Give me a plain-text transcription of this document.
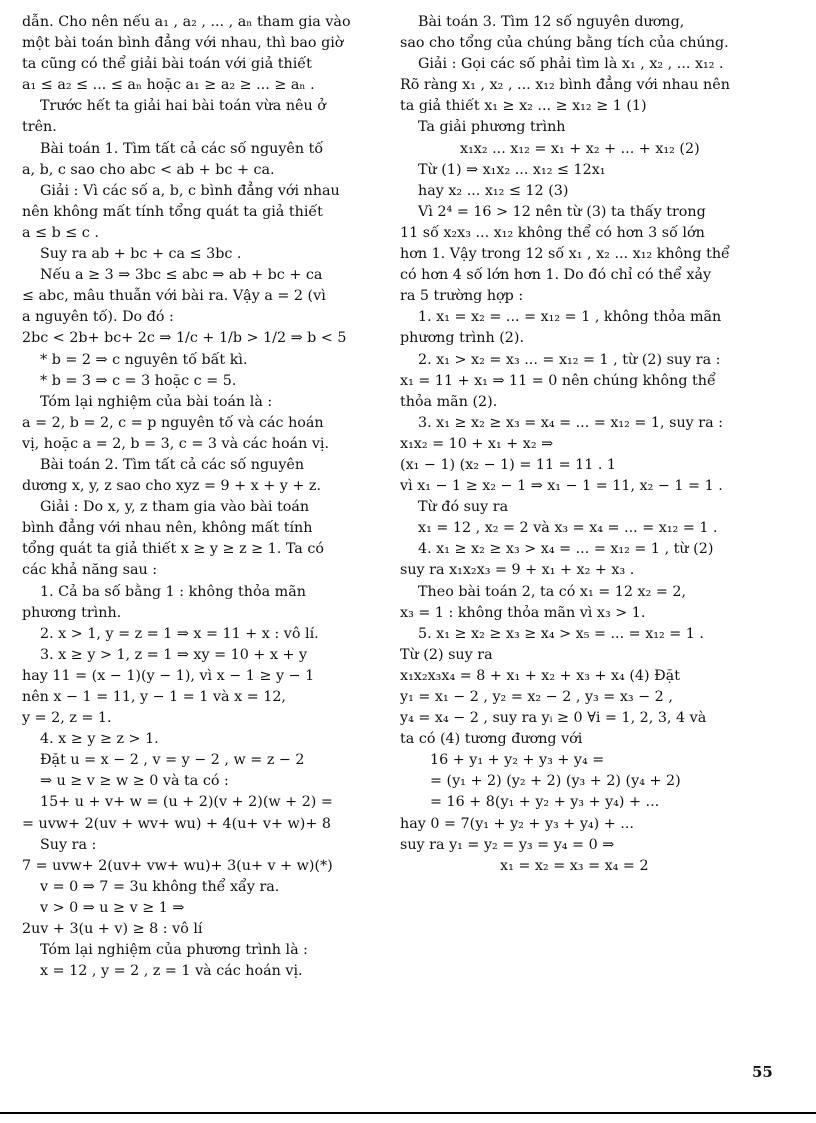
dẫn. Cho nên nếu a₁ , a₂ , ... , aₙ tham gia vào
một bài toán bình đẳng với nhau, thì bao giờ
ta cũng có thể giải bài toán với giả thiết
a₁ ≤ a₂ ≤ ... ≤ aₙ hoặc a₁ ≥ a₂ ≥ ... ≥ aₙ .
Trước hết ta giải hai bài toán vừa nêu ở
trên.
Bài toán 1. Tìm tất cả các số nguyên tố
a, b, c sao cho abc < ab + bc + ca.
Giải : Vì các số a, b, c bình đẳng với nhau
nên không mất tính tổng quát ta giả thiết
a ≤ b ≤ c .
Suy ra ab + bc + ca ≤ 3bc .
Nếu a ≥ 3 ⇒ 3bc ≤ abc ⇒ ab + bc + ca
≤ abc, mâu thuẫn với bài ra. Vậy a = 2 (vì
a nguyên tố). Do đó :
2bc < 2b+ bc+ 2c ⇒ 1/c + 1/b > 1/2 ⇒ b < 5
* b = 2 ⇒ c nguyên tố bất kì.
* b = 3 ⇒ c = 3 hoặc c = 5.
Tóm lại nghiệm của bài toán là :
a = 2, b = 2, c = p nguyên tố và các hoán
vị, hoặc a = 2, b = 3, c = 3 và các hoán vị.
Bài toán 2. Tìm tất cả các số nguyên
dương x, y, z sao cho xyz = 9 + x + y + z.
Giải : Do x, y, z tham gia vào bài toán
bình đẳng với nhau nên, không mất tính
tổng quát ta giả thiết x ≥ y ≥ z ≥ 1. Ta có
các khả năng sau :
1. Cả ba số bằng 1 : không thỏa mãn
phương trình.
2. x > 1, y = z = 1 ⇒ x = 11 + x : vô lí.
3. x ≥ y > 1, z = 1 ⇒ xy = 10 + x + y
hay 11 = (x − 1)(y − 1), vì x − 1 ≥ y − 1
nên x − 1 = 11, y − 1 = 1 và x = 12,
y = 2, z = 1.
4. x ≥ y ≥ z > 1.
Đặt u = x − 2 , v = y − 2 , w = z − 2
⇒ u ≥ v ≥ w ≥ 0 và ta có :
15+ u + v+ w = (u + 2)(v + 2)(w + 2) =
= uvw+ 2(uv + wv+ wu) + 4(u+ v+ w)+ 8
Suy ra :
7 = uvw+ 2(uv+ vw+ wu)+ 3(u+ v + w)(*)
v = 0 ⇒ 7 = 3u không thể xẩy ra.
v > 0 ⇒ u ≥ v ≥ 1 ⇒
2uv + 3(u + v) ≥ 8 : vô lí
Tóm lại nghiệm của phương trình là :
x = 12 , y = 2 , z = 1 và các hoán vị.
Bài toán 3. Tìm 12 số nguyên dương,
sao cho tổng của chúng bằng tích của chúng.
Giải : Gọi các số phải tìm là x₁ , x₂ , ... x₁₂ .
Rõ ràng x₁ , x₂ , ... x₁₂ bình đẳng với nhau nên
ta giả thiết x₁ ≥ x₂ ... ≥ x₁₂ ≥ 1 (1)
Ta giải phương trình
x₁x₂ ... x₁₂ = x₁ + x₂ + ... + x₁₂ (2)
Từ (1) ⇒ x₁x₂ ... x₁₂ ≤ 12x₁
hay x₂ ... x₁₂ ≤ 12 (3)
Vì 2⁴ = 16 > 12 nên từ (3) ta thấy trong
11 số x₂x₃ ... x₁₂ không thể có hơn 3 số lớn
hơn 1. Vậy trong 12 số x₁ , x₂ ... x₁₂ không thể
có hơn 4 số lớn hơn 1. Do đó chỉ có thể xảy
ra 5 trường hợp :
1. x₁ = x₂ = ... = x₁₂ = 1 , không thỏa mãn
phương trình (2).
2. x₁ > x₂ = x₃ ... = x₁₂ = 1 , từ (2) suy ra :
x₁ = 11 + x₁ ⇒ 11 = 0 nên chúng không thể
thỏa mãn (2).
3. x₁ ≥ x₂ ≥ x₃ = x₄ = ... = x₁₂ = 1, suy ra :
x₁x₂ = 10 + x₁ + x₂ ⇒
(x₁ − 1) (x₂ − 1) = 11 = 11 . 1
vì x₁ − 1 ≥ x₂ − 1 ⇒ x₁ − 1 = 11, x₂ − 1 = 1 .
Từ đó suy ra
x₁ = 12 , x₂ = 2 và x₃ = x₄ = ... = x₁₂ = 1 .
4. x₁ ≥ x₂ ≥ x₃ > x₄ = ... = x₁₂ = 1 , từ (2)
suy ra x₁x₂x₃ = 9 + x₁ + x₂ + x₃ .
Theo bài toán 2, ta có x₁ = 12 x₂ = 2,
x₃ = 1 : không thỏa mãn vì x₃ > 1.
5. x₁ ≥ x₂ ≥ x₃ ≥ x₄ > x₅ = ... = x₁₂ = 1 .
Từ (2) suy ra
x₁x₂x₃x₄ = 8 + x₁ + x₂ + x₃ + x₄ (4) Đặt
y₁ = x₁ − 2 , y₂ = x₂ − 2 , y₃ = x₃ − 2 ,
y₄ = x₄ − 2 , suy ra yᵢ ≥ 0 ∀i = 1, 2, 3, 4 và
ta có (4) tương đương với
16 + y₁ + y₂ + y₃ + y₄ =
= (y₁ + 2) (y₂ + 2) (y₃ + 2) (y₄ + 2)
= 16 + 8(y₁ + y₂ + y₃ + y₄) + ...
hay 0 = 7(y₁ + y₂ + y₃ + y₄) + ...
suy ra y₁ = y₂ = y₃ = y₄ = 0 ⇒
x₁ = x₂ = x₃ = x₄ = 2
55
